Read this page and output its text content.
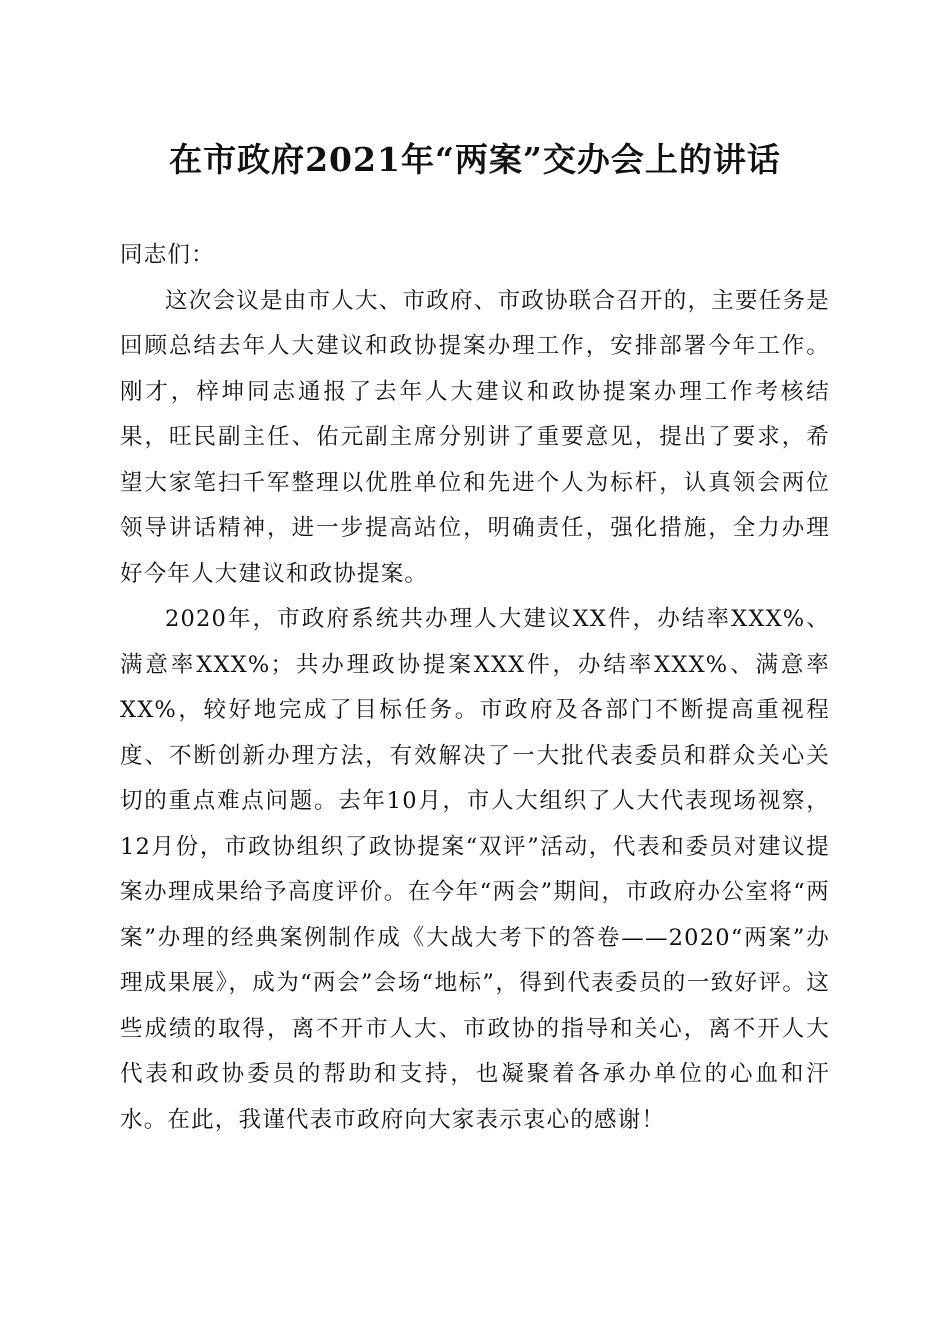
在市政府2021年“两案”交办会上的讲话

同志们：

这次会议是由市人大、市政府、市政协联合召开的，主要任务是回顾总结去年人大建议和政协提案办理工作，安排部署今年工作。刚才，梓坤同志通报了去年人大建议和政协提案办理工作考核结果，旺民副主任、佑元副主席分别讲了重要意见，提出了要求，希望大家笔扫千军整理以优胜单位和先进个人为标杆，认真领会两位领导讲话精神，进一步提高站位，明确责任，强化措施，全力办理好今年人大建议和政协提案。

2020年，市政府系统共办理人大建议XX件，办结率XXX%、满意率XXX%；共办理政协提案XXX件，办结率XXX%、满意率XX%，较好地完成了目标任务。市政府及各部门不断提高重视程度、不断创新办理方法，有效解决了一大批代表委员和群众关心关切的重点难点问题。去年10月，市人大组织了人大代表现场视察，12月份，市政协组织了政协提案“双评”活动，代表和委员对建议提案办理成果给予高度评价。在今年“两会”期间，市政府办公室将“两案”办理的经典案例制作成《大战大考下的答卷——2020“两案”办理成果展》，成为“两会”会场“地标”，得到代表委员的一致好评。这些成绩的取得，离不开市人大、市政协的指导和关心，离不开人大代表和政协委员的帮助和支持，也凝聚着各承办单位的心血和汗水。在此，我谨代表市政府向大家表示衷心的感谢！
